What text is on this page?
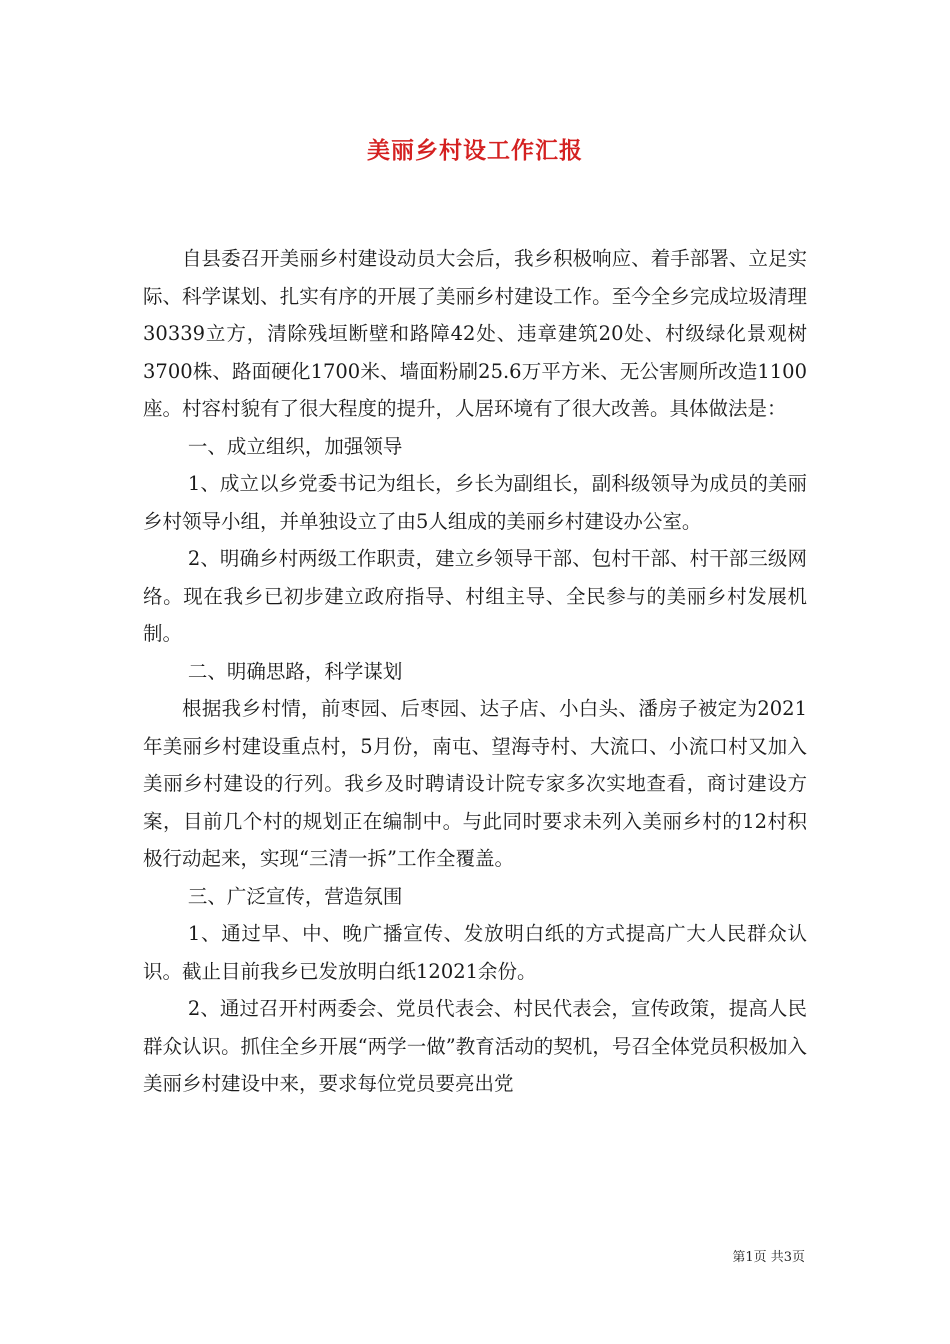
美丽乡村设工作汇报

自县委召开美丽乡村建设动员大会后，我乡积极响应、着手部署、立足实际、科学谋划、扎实有序的开展了美丽乡村建设工作。至今全乡完成垃圾清理30339立方，清除残垣断壁和路障42处、违章建筑20处、村级绿化景观树3700株、路面硬化1700米、墙面粉刷25.6万平方米、无公害厕所改造1100座。村容村貌有了很大程度的提升，人居环境有了很大改善。具体做法是：

一、成立组织，加强领导

1、成立以乡党委书记为组长，乡长为副组长，副科级领导为成员的美丽乡村领导小组，并单独设立了由5人组成的美丽乡村建设办公室。

2、明确乡村两级工作职责，建立乡领导干部、包村干部、村干部三级网络。现在我乡已初步建立政府指导、村组主导、全民参与的美丽乡村发展机制。

二、明确思路，科学谋划

根据我乡村情，前枣园、后枣园、达子店、小白头、潘房子被定为2021年美丽乡村建设重点村，5月份，南屯、望海寺村、大流口、小流口村又加入美丽乡村建设的行列。我乡及时聘请设计院专家多次实地查看，商讨建设方案，目前几个村的规划正在编制中。与此同时要求未列入美丽乡村的12村积极行动起来，实现“三清一拆”工作全覆盖。

三、广泛宣传，营造氛围

1、通过早、中、晚广播宣传、发放明白纸的方式提高广大人民群众认识。截止目前我乡已发放明白纸12021余份。

2、通过召开村两委会、党员代表会、村民代表会，宣传政策，提高人民群众认识。抓住全乡开展“两学一做”教育活动的契机，号召全体党员积极加入美丽乡村建设中来，要求每位党员要亮出党

第1页 共3页
